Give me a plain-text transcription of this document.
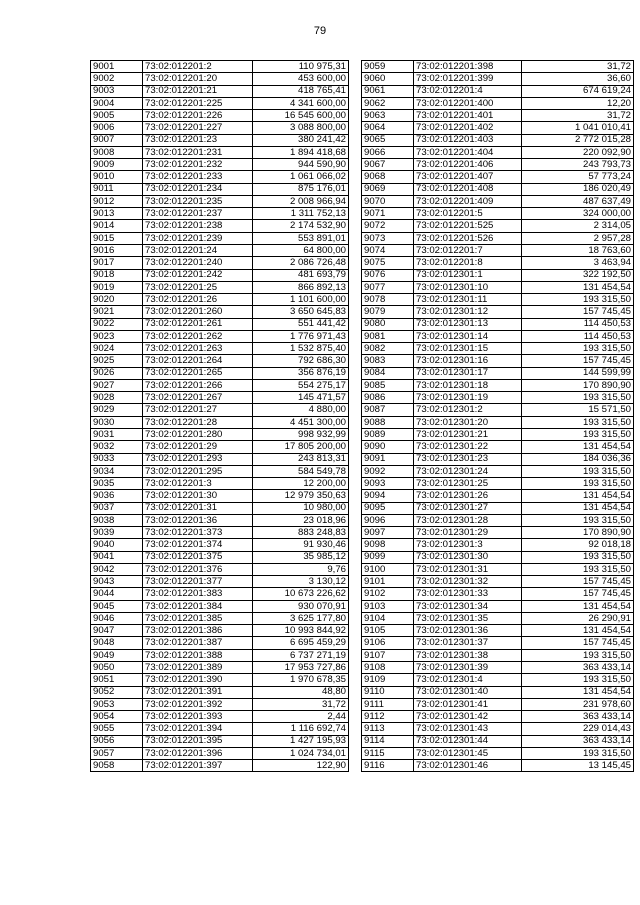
79
9001	73:02:012201:2	110 975,31
9002	73:02:012201:20	453 600,00
9003	73:02:012201:21	418 765,41
9004	73:02:012201:225	4 341 600,00
9005	73:02:012201:226	16 545 600,00
9006	73:02:012201:227	3 088 800,00
9007	73:02:012201:23	380 241,42
9008	73:02:012201:231	1 894 418,68
9009	73:02:012201:232	944 590,90
9010	73:02:012201:233	1 061 066,02
9011	73:02:012201:234	875 176,01
9012	73:02:012201:235	2 008 966,94
9013	73:02:012201:237	1 311 752,13
9014	73:02:012201:238	2 174 532,90
9015	73:02:012201:239	553 891,01
9016	73:02:012201:24	64 800,00
9017	73:02:012201:240	2 086 726,48
9018	73:02:012201:242	481 693,79
9019	73:02:012201:25	866 892,13
9020	73:02:012201:26	1 101 600,00
9021	73:02:012201:260	3 650 645,83
9022	73:02:012201:261	551 441,42
9023	73:02:012201:262	1 776 971,43
9024	73:02:012201:263	1 532 875,40
9025	73:02:012201:264	792 686,30
9026	73:02:012201:265	356 876,19
9027	73:02:012201:266	554 275,17
9028	73:02:012201:267	145 471,57
9029	73:02:012201:27	4 880,00
9030	73:02:012201:28	4 451 300,00
9031	73:02:012201:280	998 932,99
9032	73:02:012201:29	17 805 200,00
9033	73:02:012201:293	243 813,31
9034	73:02:012201:295	584 549,78
9035	73:02:012201:3	12 200,00
9036	73:02:012201:30	12 979 350,63
9037	73:02:012201:31	10 980,00
9038	73:02:012201:36	23 018,96
9039	73:02:012201:373	883 248,83
9040	73:02:012201:374	91 930,46
9041	73:02:012201:375	35 985,12
9042	73:02:012201:376	9,76
9043	73:02:012201:377	3 130,12
9044	73:02:012201:383	10 673 226,62
9045	73:02:012201:384	930 070,91
9046	73:02:012201:385	3 625 177,80
9047	73:02:012201:386	10 993 844,92
9048	73:02:012201:387	6 695 459,29
9049	73:02:012201:388	6 737 271,19
9050	73:02:012201:389	17 953 727,86
9051	73:02:012201:390	1 970 678,35
9052	73:02:012201:391	48,80
9053	73:02:012201:392	31,72
9054	73:02:012201:393	2,44
9055	73:02:012201:394	1 116 692,74
9056	73:02:012201:395	1 427 195,93
9057	73:02:012201:396	1 024 734,01
9058	73:02:012201:397	122,90
9059	73:02:012201:398	31,72
9060	73:02:012201:399	36,60
9061	73:02:012201:4	674 619,24
9062	73:02:012201:400	12,20
9063	73:02:012201:401	31,72
9064	73:02:012201:402	1 041 010,41
9065	73:02:012201:403	2 772 015,28
9066	73:02:012201:404	220 092,90
9067	73:02:012201:406	243 793,73
9068	73:02:012201:407	57 773,24
9069	73:02:012201:408	186 020,49
9070	73:02:012201:409	487 637,49
9071	73:02:012201:5	324 000,00
9072	73:02:012201:525	2 314,05
9073	73:02:012201:526	2 957,28
9074	73:02:012201:7	18 763,60
9075	73:02:012201:8	3 463,94
9076	73:02:012301:1	322 192,50
9077	73:02:012301:10	131 454,54
9078	73:02:012301:11	193 315,50
9079	73:02:012301:12	157 745,45
9080	73:02:012301:13	114 450,53
9081	73:02:012301:14	114 450,53
9082	73:02:012301:15	193 315,50
9083	73:02:012301:16	157 745,45
9084	73:02:012301:17	144 599,99
9085	73:02:012301:18	170 890,90
9086	73:02:012301:19	193 315,50
9087	73:02:012301:2	15 571,50
9088	73:02:012301:20	193 315,50
9089	73:02:012301:21	193 315,50
9090	73:02:012301:22	131 454,54
9091	73:02:012301:23	184 036,36
9092	73:02:012301:24	193 315,50
9093	73:02:012301:25	193 315,50
9094	73:02:012301:26	131 454,54
9095	73:02:012301:27	131 454,54
9096	73:02:012301:28	193 315,50
9097	73:02:012301:29	170 890,90
9098	73:02:012301:3	92 018,18
9099	73:02:012301:30	193 315,50
9100	73:02:012301:31	193 315,50
9101	73:02:012301:32	157 745,45
9102	73:02:012301:33	157 745,45
9103	73:02:012301:34	131 454,54
9104	73:02:012301:35	26 290,91
9105	73:02:012301:36	131 454,54
9106	73:02:012301:37	157 745,45
9107	73:02:012301:38	193 315,50
9108	73:02:012301:39	363 433,14
9109	73:02:012301:4	193 315,50
9110	73:02:012301:40	131 454,54
9111	73:02:012301:41	231 978,60
9112	73:02:012301:42	363 433,14
9113	73:02:012301:43	229 014,43
9114	73:02:012301:44	363 433,14
9115	73:02:012301:45	193 315,50
9116	73:02:012301:46	13 145,45
